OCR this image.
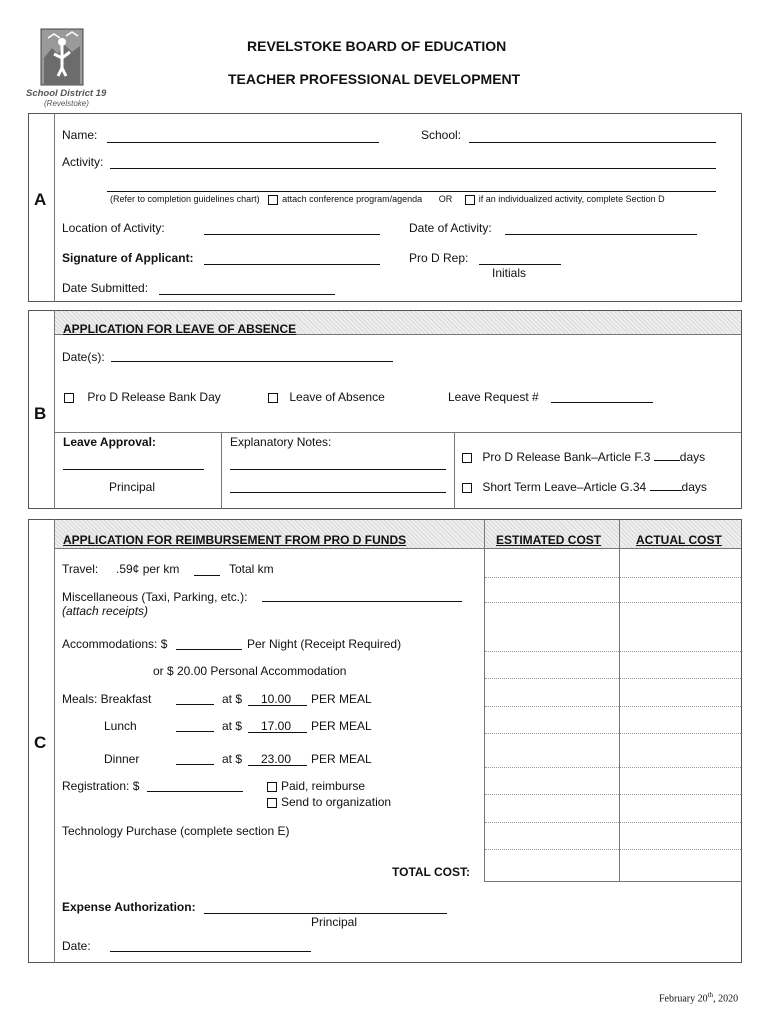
School District 19
(Revelstoke)
REVELSTOKE BOARD OF EDUCATION
TEACHER PROFESSIONAL DEVELOPMENT
A
Name:	School:
Activity:
(Refer to completion guidelines chart)	attach conference program/agenda OR	if an individualized activity, complete Section D
Location of Activity:	Date of Activity:
Signature of Applicant:	Pro D Rep:
Initials
Date Submitted:
APPLICATION FOR LEAVE OF ABSENCE
B
Date(s):
Pro D Release Bank Day	Leave of Absence	Leave Request #
Leave Approval:
Principal
Explanatory Notes:
Pro D Release Bank–Article F.3 days
Short Term Leave–Article G.34	days
APPLICATION FOR REIMBURSEMENT FROM PRO D FUNDS
C
ESTIMATED COST	ACTUAL COST
Travel: .59¢ per km	Total km
Miscellaneous (Taxi, Parking, etc.):
(attach receipts)
Accommodations: $	Per Night (Receipt Required)
or $ 20.00 Personal Accommodation
Meals: Breakfast	at $ 10.00 PER MEAL
Lunch	at $ 17.00 PER MEAL
Dinner	at $ 23.00 PER MEAL
Registration: $	Paid, reimburse
Send to organization
Technology Purchase (complete section E)
TOTAL COST:
Expense Authorization:
Principal
Date:
February 20th, 2020
